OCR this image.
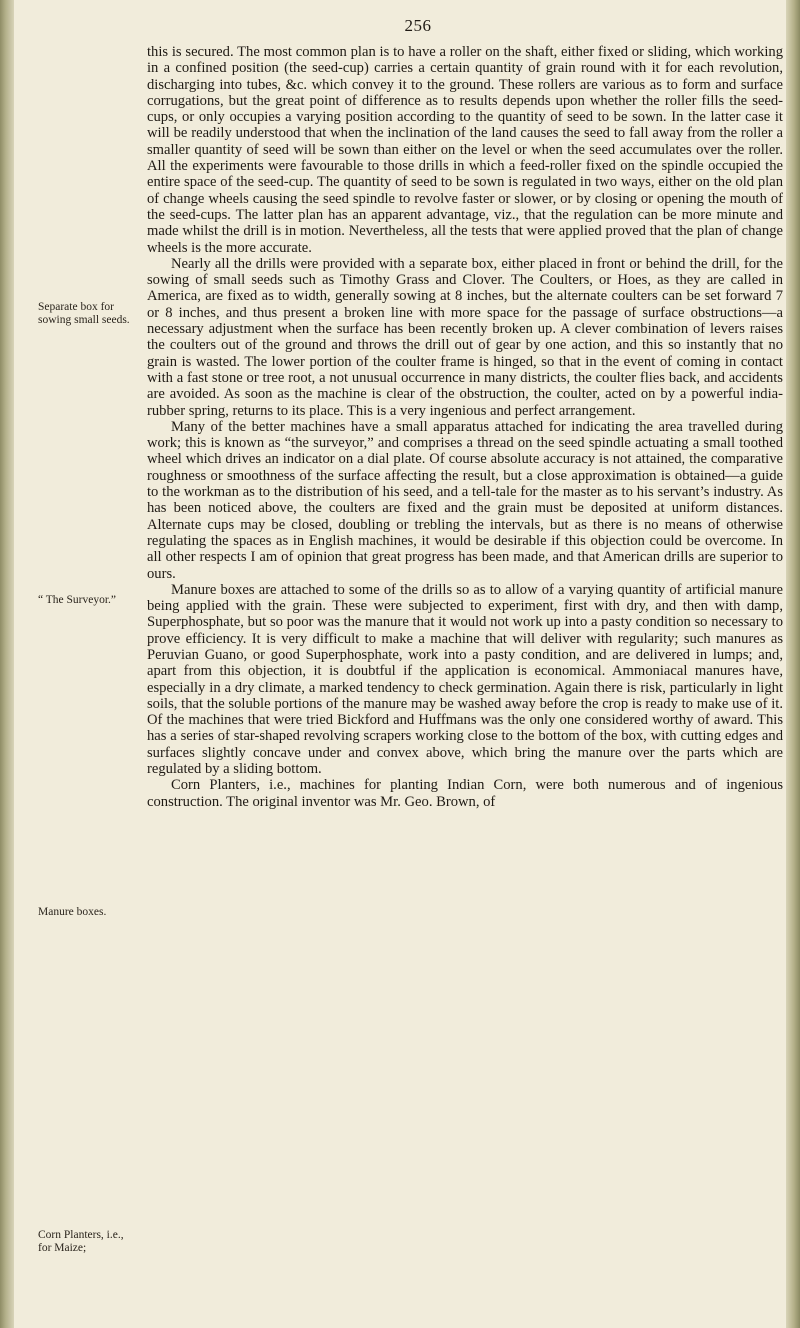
256
Separate box for sowing small seeds.
“ The Surveyor.”
Manure boxes.
Corn Planters, i.e., for Maize;

this is secured. The most common plan is to have a roller on the shaft, either fixed or sliding, which working in a confined position (the seed-cup) carries a certain quantity of grain round with it for each revolution, discharging into tubes, &c. which convey it to the ground. These rollers are various as to form and surface corrugations, but the great point of difference as to results depends upon whether the roller fills the seed-cups, or only occupies a varying position according to the quantity of seed to be sown. In the latter case it will be readily understood that when the inclination of the land causes the seed to fall away from the roller a smaller quantity of seed will be sown than either on the level or when the seed accumulates over the roller. All the experiments were favourable to those drills in which a feed-roller fixed on the spindle occupied the entire space of the seed-cup. The quantity of seed to be sown is regulated in two ways, either on the old plan of change wheels causing the seed spindle to revolve faster or slower, or by closing or opening the mouth of the seed-cups. The latter plan has an apparent advantage, viz., that the regulation can be more minute and made whilst the drill is in motion. Nevertheless, all the tests that were applied proved that the plan of change wheels is the more accurate.

Nearly all the drills were provided with a separate box, either placed in front or behind the drill, for the sowing of small seeds such as Timothy Grass and Clover. The Coulters, or Hoes, as they are called in America, are fixed as to width, generally sowing at 8 inches, but the alternate coulters can be set forward 7 or 8 inches, and thus present a broken line with more space for the passage of surface obstructions—a necessary adjustment when the surface has been recently broken up. A clever combination of levers raises the coulters out of the ground and throws the drill out of gear by one action, and this so instantly that no grain is wasted. The lower portion of the coulter frame is hinged, so that in the event of coming in contact with a fast stone or tree root, a not unusual occurrence in many districts, the coulter flies back, and accidents are avoided. As soon as the machine is clear of the obstruction, the coulter, acted on by a powerful india-rubber spring, returns to its place. This is a very ingenious and perfect arrangement.

Many of the better machines have a small apparatus attached for indicating the area travelled during work; this is known as “the surveyor,” and comprises a thread on the seed spindle actuating a small toothed wheel which drives an indicator on a dial plate. Of course absolute accuracy is not attained, the comparative roughness or smoothness of the surface affecting the result, but a close approximation is obtained—a guide to the workman as to the distribution of his seed, and a tell-tale for the master as to his servant’s industry. As has been noticed above, the coulters are fixed and the grain must be deposited at uniform distances. Alternate cups may be closed, doubling or trebling the intervals, but as there is no means of otherwise regulating the spaces as in English machines, it would be desirable if this objection could be overcome. In all other respects I am of opinion that great progress has been made, and that American drills are superior to ours.

Manure boxes are attached to some of the drills so as to allow of a varying quantity of artificial manure being applied with the grain. These were subjected to experiment, first with dry, and then with damp, Superphosphate, but so poor was the manure that it would not work up into a pasty condition so necessary to prove efficiency. It is very difficult to make a machine that will deliver with regularity; such manures as Peruvian Guano, or good Superphosphate, work into a pasty condition, and are delivered in lumps; and, apart from this objection, it is doubtful if the application is economical. Ammoniacal manures have, especially in a dry climate, a marked tendency to check germination. Again there is risk, particularly in light soils, that the soluble portions of the manure may be washed away before the crop is ready to make use of it. Of the machines that were tried Bickford and Huffmans was the only one considered worthy of award. This has a series of star-shaped revolving scrapers working close to the bottom of the box, with cutting edges and surfaces slightly concave under and convex above, which bring the manure over the parts which are regulated by a sliding bottom.

Corn Planters, i.e., machines for planting Indian Corn, were both numerous and of ingenious construction. The original inventor was Mr. Geo. Brown, of
